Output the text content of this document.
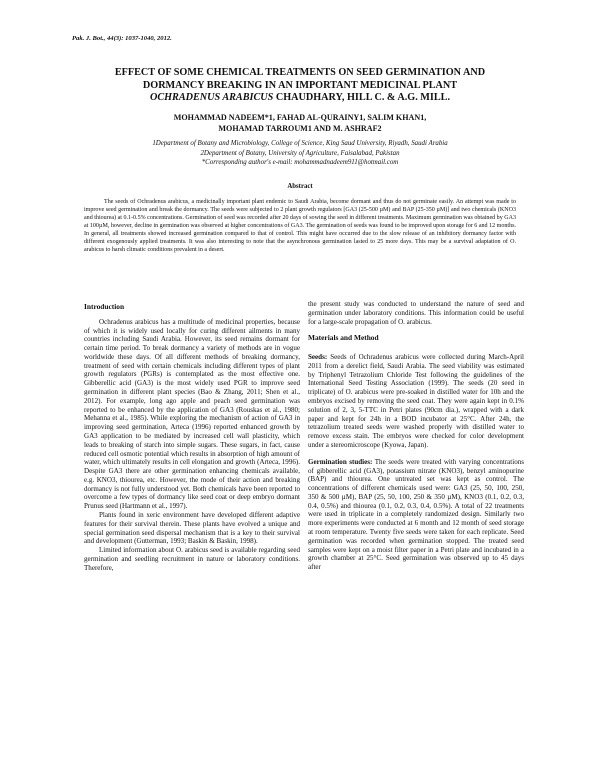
Pak. J. Bot., 44(3): 1037-1040, 2012.
EFFECT OF SOME CHEMICAL TREATMENTS ON SEED GERMINATION AND
DORMANCY BREAKING IN AN IMPORTANT MEDICINAL PLANT
OCHRADENUS ARABICUS CHAUDHARY, HILL C. & A.G. MILL.
MOHAMMAD NADEEM*1, FAHAD AL-QURAINY1, SALIM KHAN1,
MOHAMAD TARROUM1 AND M. ASHRAF2
1Department of Botany and Microbiology, College of Science, King Saud University, Riyadh, Saudi Arabia
2Department of Botany, University of Agriculture, Faisalabad, Pakistan
*Corresponding author's e-mail: mohammadnadeem911@hotmail.com
Abstract

The seeds of Ochradenus arabicus, a medicinally important plant endemic to Saudi Arabia, become dormant and thus do not germinate easily. An attempt was made to improve seed germination and break the dormancy. The seeds were subjected to 2 plant growth regulators [GA3 (25-500 µM) and BAP (25-350 µM)] and two chemicals (KNO3 and thiourea) at 0.1-0.5% concentrations. Germination of seed was recorded after 20 days of sowing the seed in different treatments. Maximum germination was obtained by GA3 at 100µM, however, decline in germination was observed at higher concentrations of GA3. The germination of seeds was found to be improved upon storage for 6 and 12 months. In general, all treatments showed increased germination compared to that of control. This might have occurred due to the slow release of an inhibitory dormancy factor with different exogenously applied treatments. It was also interesting to note that the asynchronous germination lasted to 25 more days. This may be a survival adaptation of O. arabicus to harsh climatic conditions prevalent in a desert.

Introduction

Ochradenus arabicus has a multitude of medicinal properties, because of which it is widely used locally for curing different ailments in many countries including Saudi Arabia. However, its seed remains dormant for certain time period. To break dormancy a variety of methods are in vogue worldwide these days. Of all different methods of breaking dormancy, treatment of seed with certain chemicals including different types of plant growth regulators (PGRs) is contemplated as the most effective one. Gibberellic acid (GA3) is the most widely used PGR to improve seed germination in different plant species (Bao & Zhang, 2011; Shen et al., 2012). For example, long ago apple and peach seed germination was reported to be enhanced by the application of GA3 (Rouskas et al., 1980; Mehanna et al., 1985). While exploring the mechanism of action of GA3 in improving seed germination, Arteca (1996) reported enhanced growth by GA3 application to be mediated by increased cell wall plasticity, which leads to breaking of starch into simple sugars. These sugars, in fact, cause reduced cell osmotic potential which results in absorption of high amount of water, which ultimately results in cell elongation and growth (Arteca, 1996). Despite GA3 there are other germination enhancing chemicals available, e.g. KNO3, thiourea, etc. However, the mode of their action and breaking dormancy is not fully understood yet. Both chemicals have been reported to overcome a few types of dormancy like seed coat or deep embryo dormant Prunus seed (Hartmann et al., 1997).

Plants found in xeric environment have developed different adaptive features for their survival therein. These plants have evolved a unique and special germination seed dispersal mechanism that is a key to their survival and development (Gutterman, 1993; Baskin & Baskin, 1998).

Limited information about O. arabicus seed is available regarding seed germination and seedling recruitment in nature or laboratory conditions. Therefore,

the present study was conducted to understand the nature of seed and germination under laboratory conditions. This information could be useful for a large-scale propagation of O. arabicus.

Materials and Method

Seeds: Seeds of Ochradenus arabicus were collected during March-April 2011 from a derelict field, Saudi Arabia. The seed viability was estimated by Triphenyl Tetrazolium Chloride Test following the guidelines of the International Seed Testing Association (1999). The seeds (20 seed in triplicate) of O. arabicus were pre-soaked in distilled water for 10h and the embryos excised by removing the seed coat. They were again kept in 0.1% solution of 2, 3, 5-TTC in Petri plates (90cm dia.), wrapped with a dark paper and kept for 24h in a BOD incubator at 25°C. After 24h, the tetrazolium treated seeds were washed properly with distilled water to remove excess stain. The embryos were checked for color development under a stereomicroscope (Kyowa, Japan).

Germination studies: The seeds were treated with varying concentrations of gibberellic acid (GA3), potassium nitrate (KNO3), benzyl aminopurine (BAP) and thiourea. One untreated set was kept as control. The concentrations of different chemicals used were: GA3 (25, 50, 100, 250, 350 & 500 µM), BAP (25, 50, 100, 250 & 350 µM), KNO3 (0.1, 0.2, 0.3, 0.4, 0.5%) and thiourea (0.1, 0.2, 0.3, 0.4, 0.5%). A total of 22 treatments were used in triplicate in a completely randomized design. Similarly two more experiments were conducted at 6 month and 12 month of seed storage at room temperature. Twenty five seeds were taken for each replicate. Seed germination was recorded when germination stopped. The treated seed samples were kept on a moist filter paper in a Petri plate and incubated in a growth chamber at 25°C. Seed germination was observed up to 45 days after
